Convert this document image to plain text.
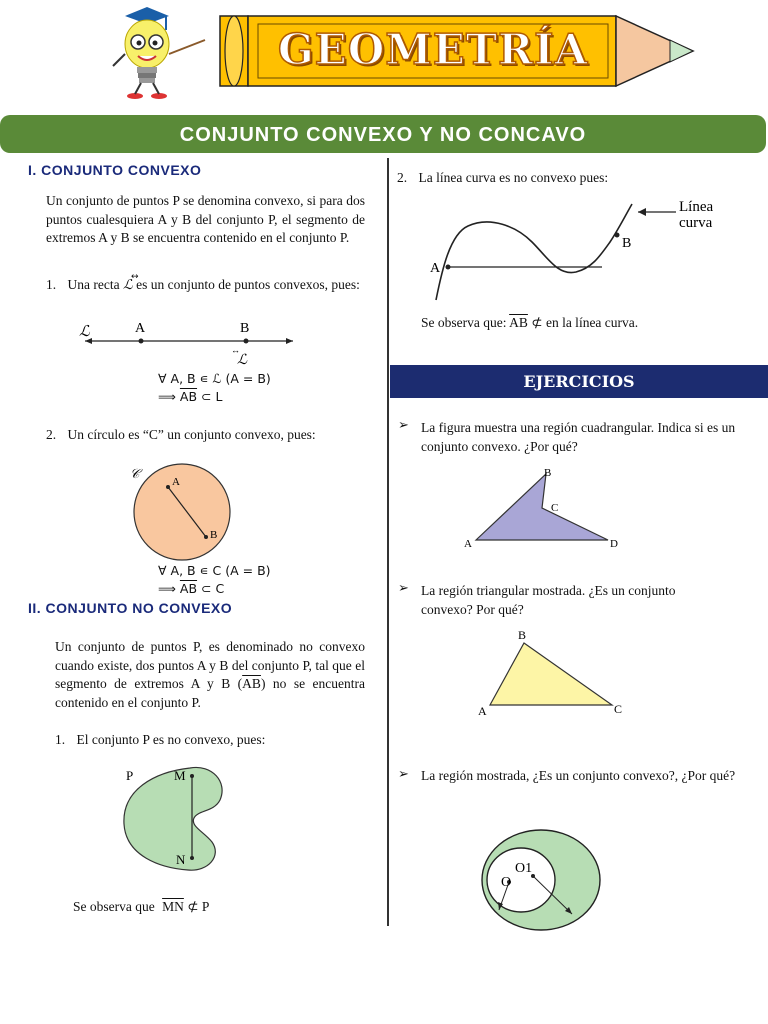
GEOMETRÍA
CONJUNTO CONVEXO Y NO CONCAVO
I. CONJUNTO CONVEXO
Un conjunto de puntos P se denomina convexo, si para dos puntos cualesquiera A y B del conjunto P, el segmento de extremos A y B se encuentra contenido en el conjunto P.
1. Una recta ℒ es un conjunto de puntos convexos, pues:
↔
ℒ	A	B
ℒ
↔
∀ A, B ∊ ℒ (A = B)
⟹ $\overline{AB}$ ⊂ L
2. Un círculo es “C” un conjunto convexo, pues:
𝒞
A
B
∀ A, B ∊ C (A = B)
⟹ $\overline{AB}$ ⊂ C
II. CONJUNTO NO CONVEXO
Un conjunto de puntos P, es denominado no convexo cuando existe, dos puntos A y B del conjunto P, tal que el segmento de extremos A y B $(\overline{AB})$ no se encuentra contenido en el conjunto P.
1. El conjunto P es no convexo, pues:
P	M
N
Se observa que $\overline{MN}$ ⊄ P
2. La línea curva es no convexo pues:
A
B
Línea
curva
Se observa que: $\overline{AB}$ ⊄ en la línea curva.
EJERCICIOS
➢ La figura muestra una región cuadrangular. Indica si es un conjunto convexo. ¿Por qué?
A
B
C
D
➢ La región triangular mostrada. ¿Es un conjunto convexo? Por qué?
A
B
C
➢ La región mostrada, ¿Es un conjunto convexo?, ¿Por qué?
O1
O
